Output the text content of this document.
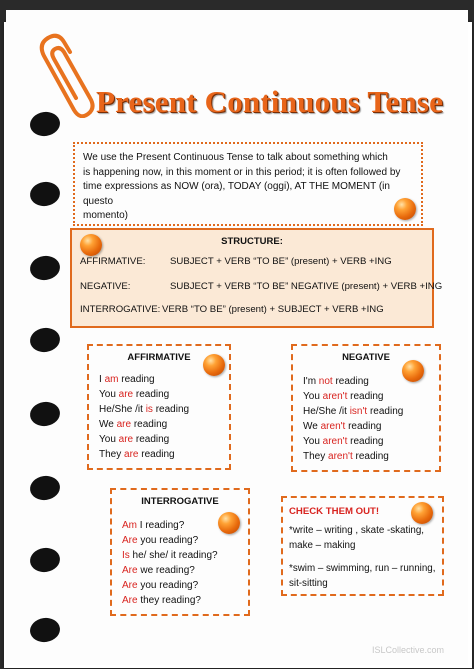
Present Continuous Tense
We use the Present Continuous Tense to talk about something which
is happening now, in this moment or in this period; it is often followed by
time expressions as NOW (ora), TODAY (oggi), AT THE MOMENT (in questo
momento)
STRUCTURE:
AFFIRMATIVE:	SUBJECT + VERB “TO BE” (present) + VERB +ING
NEGATIVE:	SUBJECT + VERB “TO BE” NEGATIVE (present) + VERB +ING
INTERROGATIVE: VERB “TO BE” (present) + SUBJECT + VERB +ING
AFFIRMATIVE
I am reading
You are reading
He/She /it is reading
We are reading
You are reading
They are reading
NEGATIVE
I'm not reading
You aren't reading
He/She /it isn't reading
We aren't reading
You aren't reading
They aren't reading
INTERROGATIVE
Am I reading?
Are you reading?
Is he/ she/ it reading?
Are we reading?
Are you reading?
Are they reading?
CHECK THEM OUT!
*write – writing , skate -skating,
make – making
*swim – swimming, run – running,
sit-sitting
ISLCollective.com
